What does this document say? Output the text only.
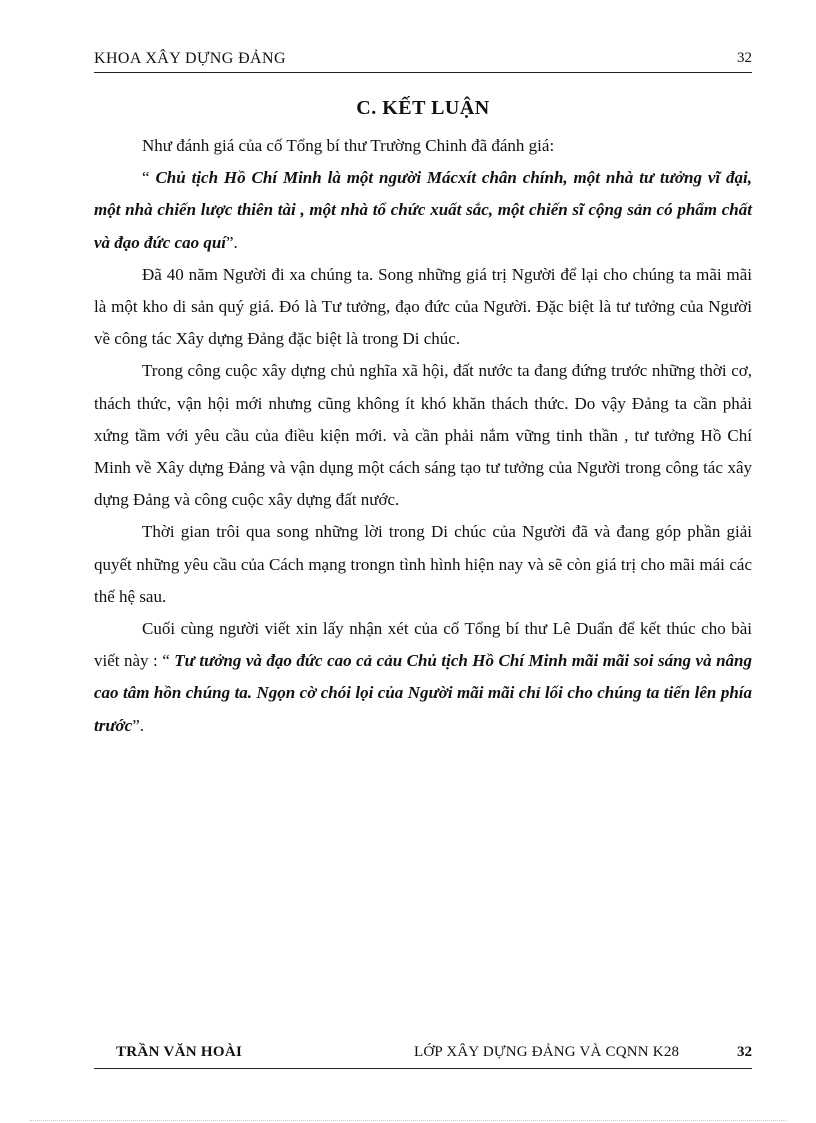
KHOA XÂY DỰNG ĐẢNG	32
C. KẾT LUẬN

Như đánh giá của cố Tổng bí thư Trường Chinh đã đánh giá:

“ Chủ tịch Hồ Chí Minh là một người Mácxít chân chính, một nhà tư tưởng vĩ đại, một nhà chiến lược thiên tài , một nhà tổ chức xuất sắc, một chiến sĩ cộng sản có phẩm chất và đạo đức cao quí”.

Đã 40 năm Người đi xa chúng ta. Song những giá trị Người để lại cho chúng ta mãi mãi là một kho di sản quý giá. Đó là Tư tưởng, đạo đức của Người. Đặc biệt là tư tưởng của Người về công tác Xây dựng Đảng đặc biệt là trong Di chúc.

Trong công cuộc xây dựng chủ nghĩa xã hội, đất nước ta đang đứng trước những thời cơ, thách thức, vận hội mới nhưng cũng không ít khó khăn thách thức. Do vậy Đảng ta cần phải xứng tầm với yêu cầu của điều kiện mới. và cần phải nắm vững tinh thần , tư tưởng Hồ Chí Minh về Xây dựng Đảng và vận dụng một cách sáng tạo tư tưởng của Người trong công tác xây dựng Đảng và công cuộc xây dựng đất nước.

Thời gian trôi qua song những lời trong Di chúc của Người đã và đang góp phần giải quyết những yêu cầu của Cách mạng trongn tình hình hiện nay và sẽ còn giá trị cho mãi mái các thế hệ sau.

Cuối cùng người viết xin lấy nhận xét của cố Tổng bí thư Lê Duẩn để kết thúc cho bài viết này : “ Tư tưởng và đạo đức cao cả cảu Chủ tịch Hồ Chí Minh mãi mãi soi sáng và nâng cao tâm hồn chúng ta. Ngọn cờ chói lọi của Người mãi mãi chỉ lối cho chúng ta tiến lên phía trước”.

TRẦN VĂN HOÀI	LỚP XÂY DỰNG ĐẢNG VÀ CQNN K28	32
